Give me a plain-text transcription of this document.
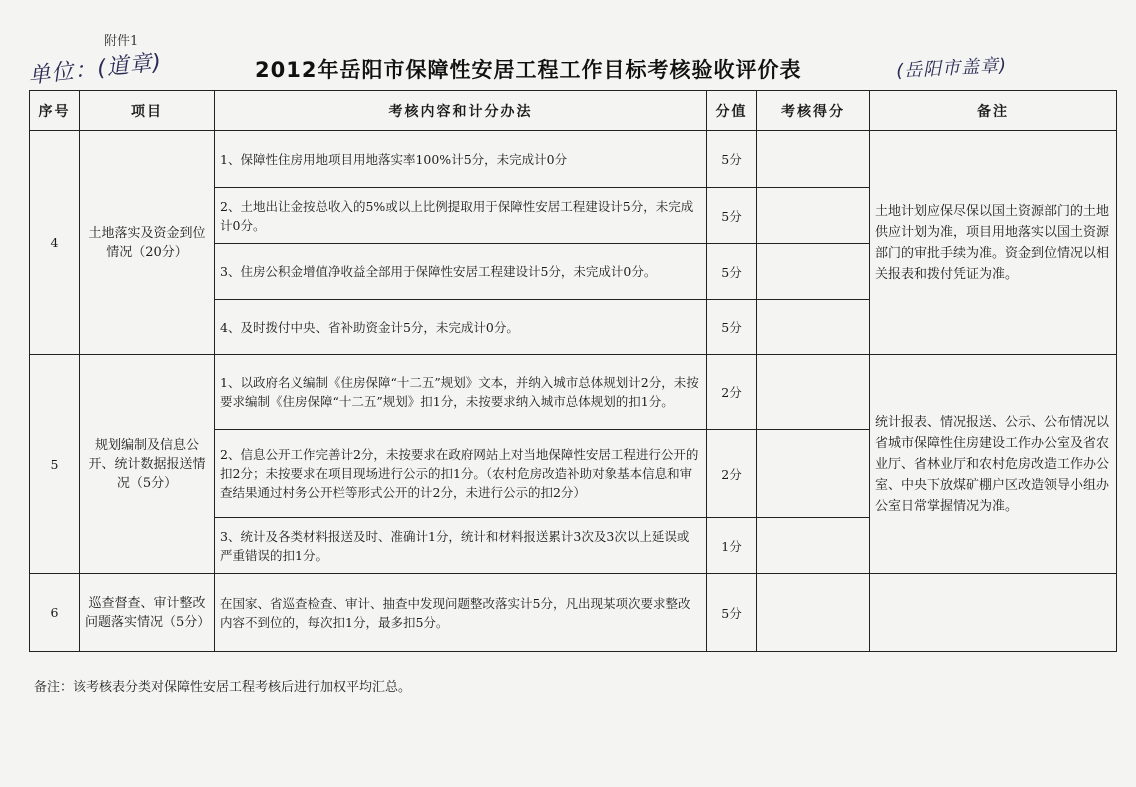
附件1
单位：(道章)	2012年岳阳市保障性安居工程工作目标考核验收评价表	(岳阳市盖章)
序号	项目	考核内容和计分办法	分值	考核得分	备注
4	土地落实及资金到位情况（20分）	1、保障性住房用地项目用地落实率100%计5分，未完成计0分	5分		土地计划应保尽保以国土资源部门的土地供应计划为准，项目用地落实以国土资源部门的审批手续为准。资金到位情况以相关报表和拨付凭证为准。
		2、土地出让金按总收入的5%或以上比例提取用于保障性安居工程建设计5分，未完成计0分。	5分		
		3、住房公积金增值净收益全部用于保障性安居工程建设计5分，未完成计0分。	5分		
		4、及时拨付中央、省补助资金计5分，未完成计0分。	5分		
5	规划编制及信息公开、统计数据报送情况（5分）	1、以政府名义编制《住房保障“十二五”规划》文本，并纳入城市总体规划计2分，未按要求编制《住房保障“十二五”规划》扣1分，未按要求纳入城市总体规划的扣1分。	2分		统计报表、情况报送、公示、公布情况以省城市保障性住房建设工作办公室及省农业厅、省林业厅和农村危房改造工作办公室、中央下放煤矿棚户区改造领导小组办公室日常掌握情况为准。
		2、信息公开工作完善计2分，未按要求在政府网站上对当地保障性安居工程进行公开的扣2分；未按要求在项目现场进行公示的扣1分。（农村危房改造补助对象基本信息和审查结果通过村务公开栏等形式公开的计2分，未进行公示的扣2分）	2分		
		3、统计及各类材料报送及时、准确计1分，统计和材料报送累计3次及3次以上延误或严重错误的扣1分。	1分		
6	巡查督查、审计整改问题落实情况（5分）	在国家、省巡查检查、审计、抽查中发现问题整改落实计5分，凡出现某项次要求整改内容不到位的，每次扣1分，最多扣5分。	5分		
备注：该考核表分类对保障性安居工程考核后进行加权平均汇总。
